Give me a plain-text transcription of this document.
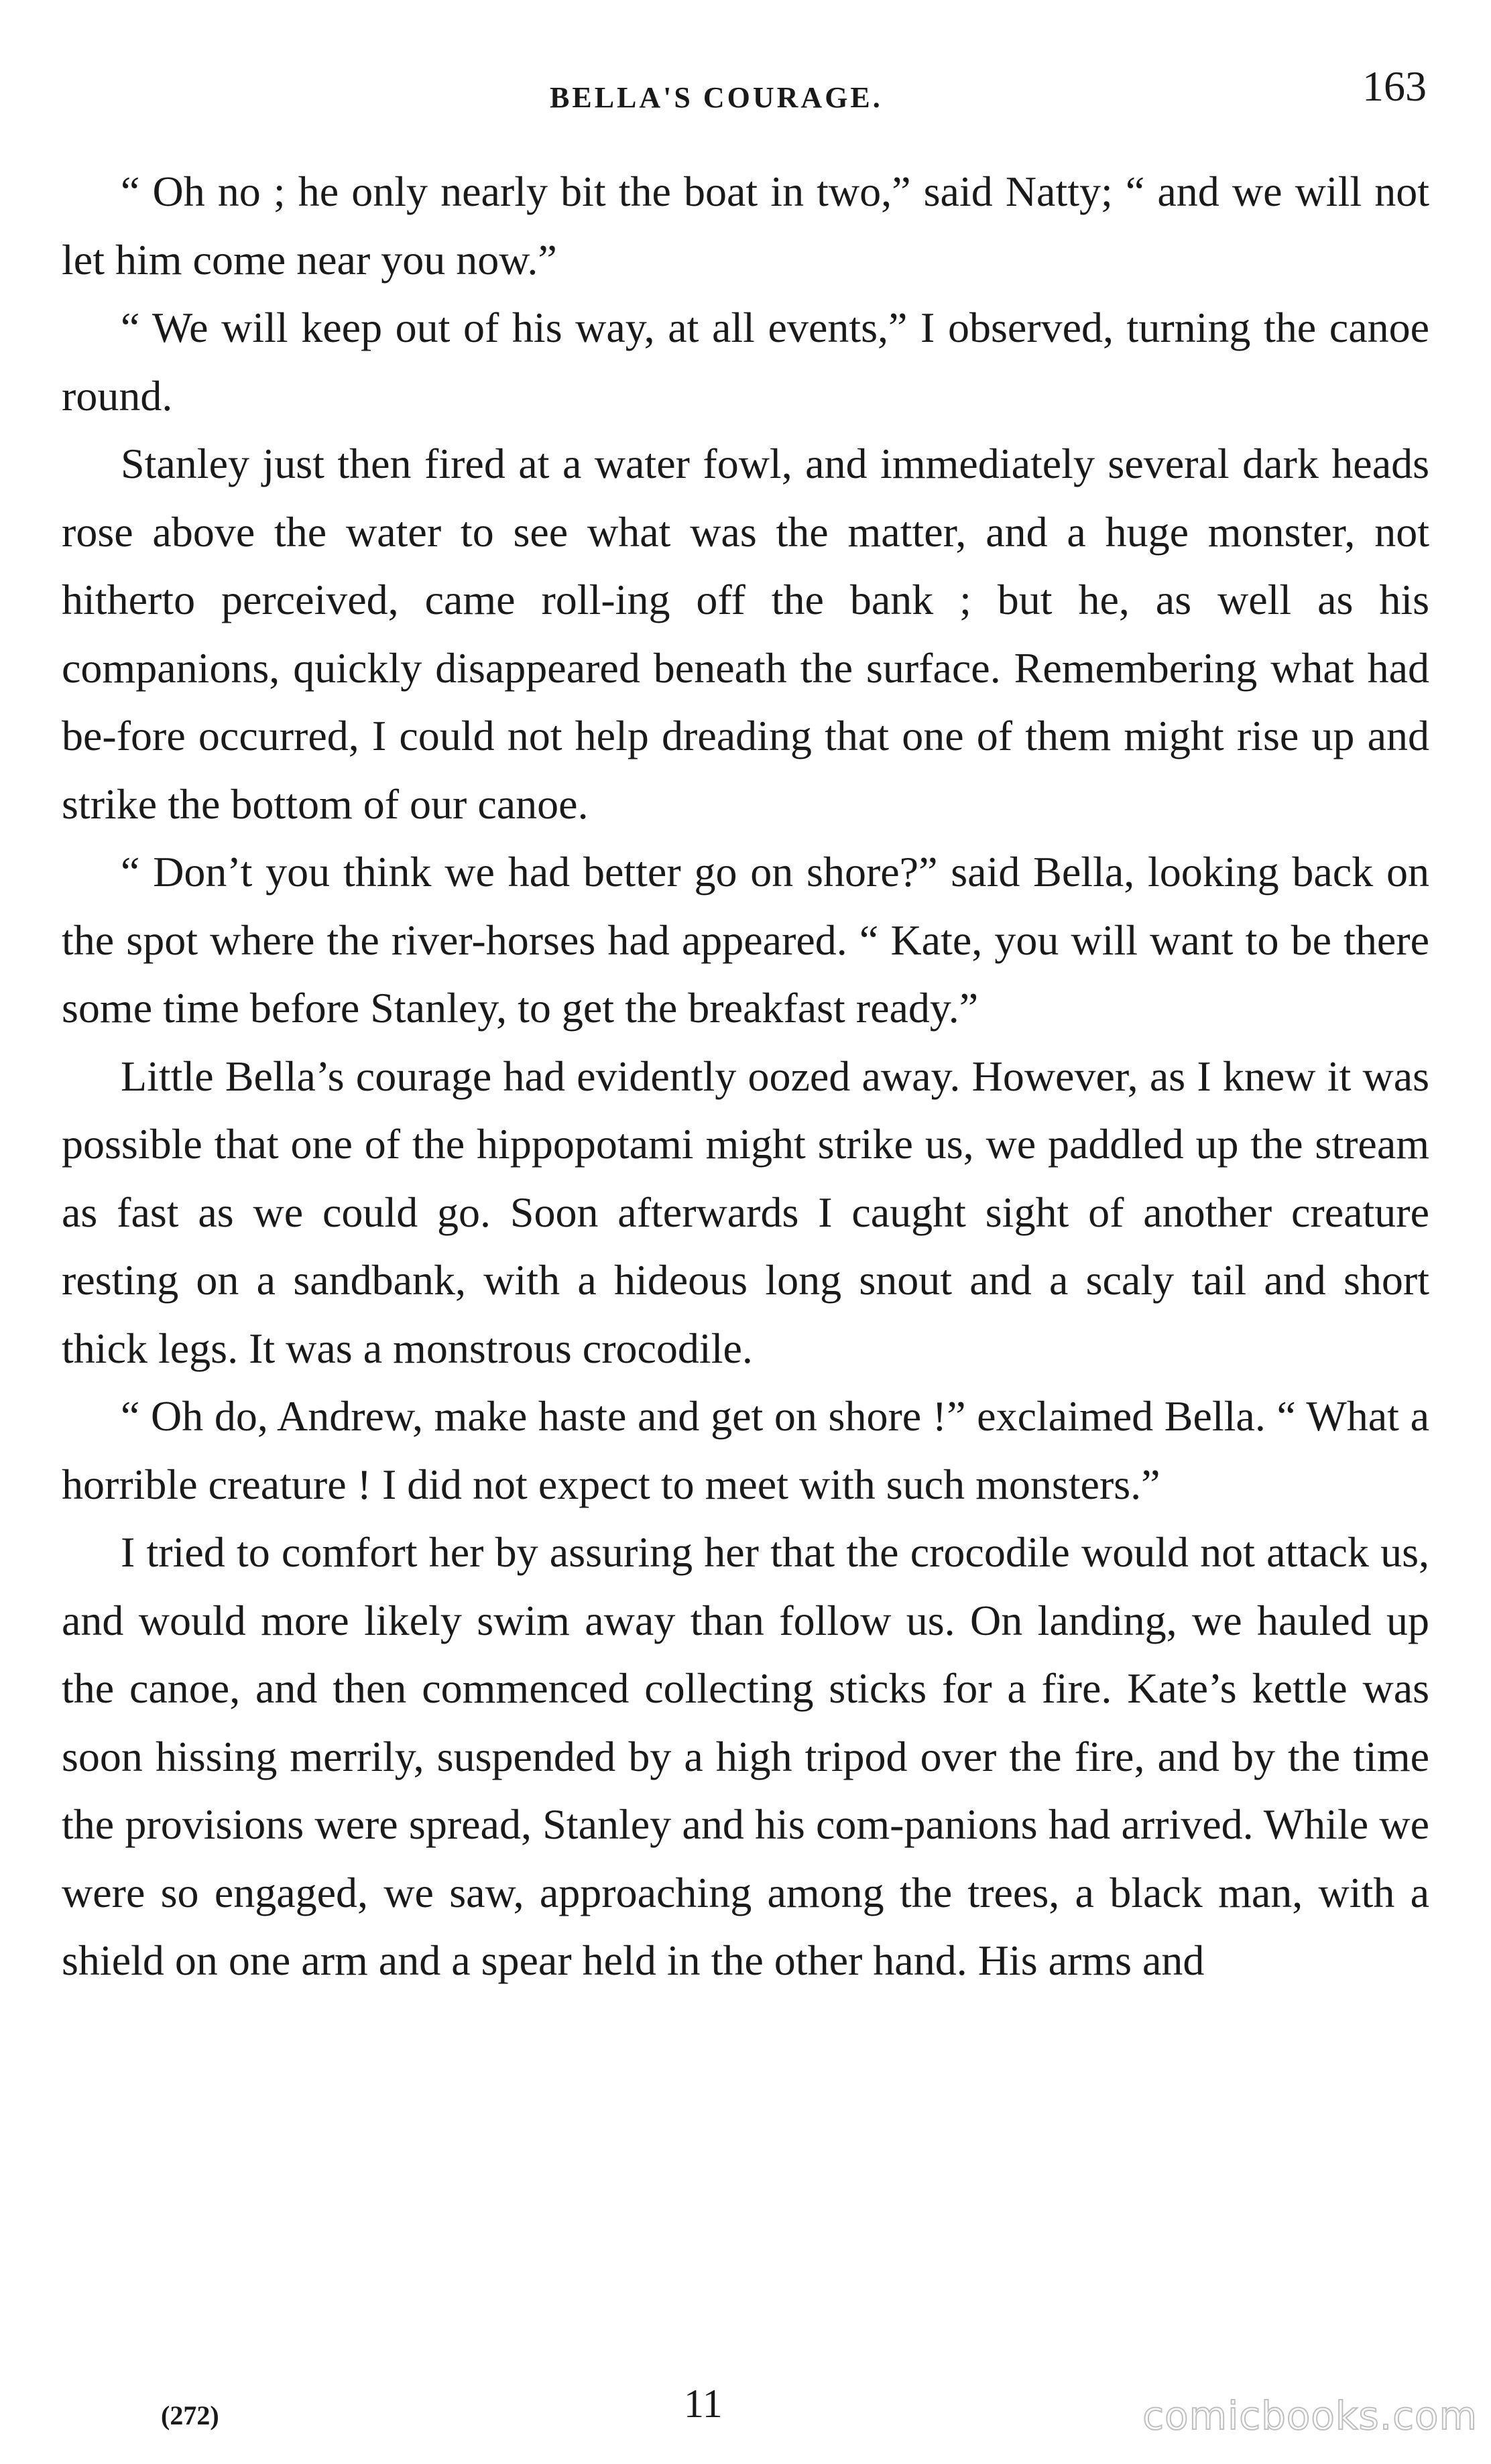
BELLA'S COURAGE.	163

“ Oh no ; he only nearly bit the boat in two,” said Natty; “ and we will not let him come near you now.”

“ We will keep out of his way, at all events,” I observed, turning the canoe round.

Stanley just then fired at a water fowl, and immediately several dark heads rose above the water to see what was the matter, and a huge monster, not hitherto perceived, came roll-ing off the bank ; but he, as well as his companions, quickly disappeared beneath the surface. Remembering what had be-fore occurred, I could not help dreading that one of them might rise up and strike the bottom of our canoe.

“ Don’t you think we had better go on shore?” said Bella, looking back on the spot where the river-horses had appeared. “ Kate, you will want to be there some time before Stanley, to get the breakfast ready.”

Little Bella’s courage had evidently oozed away. However, as I knew it was possible that one of the hippopotami might strike us, we paddled up the stream as fast as we could go. Soon afterwards I caught sight of another creature resting on a sandbank, with a hideous long snout and a scaly tail and short thick legs. It was a monstrous crocodile.

“ Oh do, Andrew, make haste and get on shore !” exclaimed Bella. “ What a horrible creature ! I did not expect to meet with such monsters.”

I tried to comfort her by assuring her that the crocodile would not attack us, and would more likely swim away than follow us. On landing, we hauled up the canoe, and then commenced collecting sticks for a fire. Kate’s kettle was soon hissing merrily, suspended by a high tripod over the fire, and by the time the provisions were spread, Stanley and his com-panions had arrived. While we were so engaged, we saw, approaching among the trees, a black man, with a shield on one arm and a spear held in the other hand. His arms and

(272)	11	comicbooks.com
